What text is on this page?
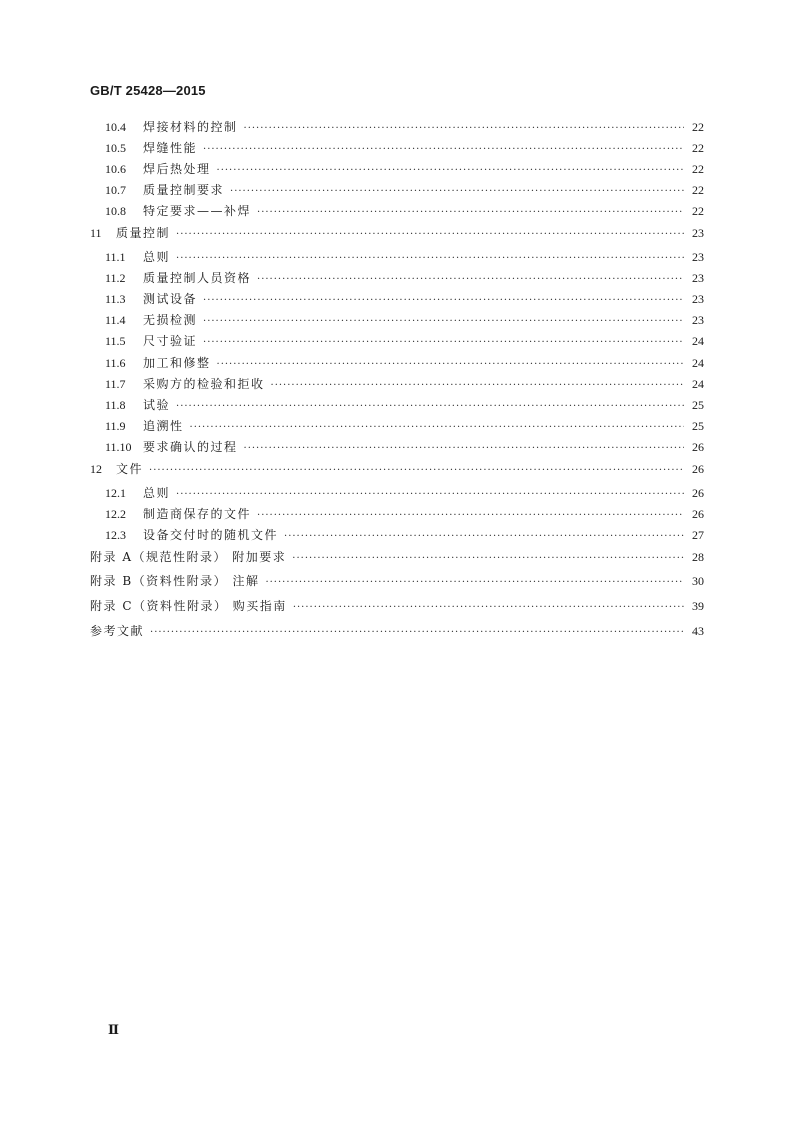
GB/T 25428—2015
10.4	焊接材料的控制 ·····	22
10.5	焊缝性能 ·····	22
10.6	焊后热处理 ·····	22
10.7	质量控制要求 ·····	22
10.8	特定要求——补焊 ·····	22
11	质量控制 ·····	23
11.1	总则 ·····	23
11.2	质量控制人员资格 ·····	23
11.3	测试设备 ·····	23
11.4	无损检测 ·····	23
11.5	尺寸验证 ·····	24
11.6	加工和修整 ·····	24
11.7	采购方的检验和拒收 ·····	24
11.8	试验 ·····	25
11.9	追溯性 ·····	25
11.10 要求确认的过程 ·····	26
12	文件 ·····	26
12.1	总则 ·····	26
12.2	制造商保存的文件 ·····	26
12.3	设备交付时的随机文件 ·····	27
附录 A（规范性附录） 附加要求 ·····	28
附录 B（资料性附录） 注解 ·····	30
附录 C（资料性附录） 购买指南 ·····	39
参考文献 ·····	43
Ⅱ
